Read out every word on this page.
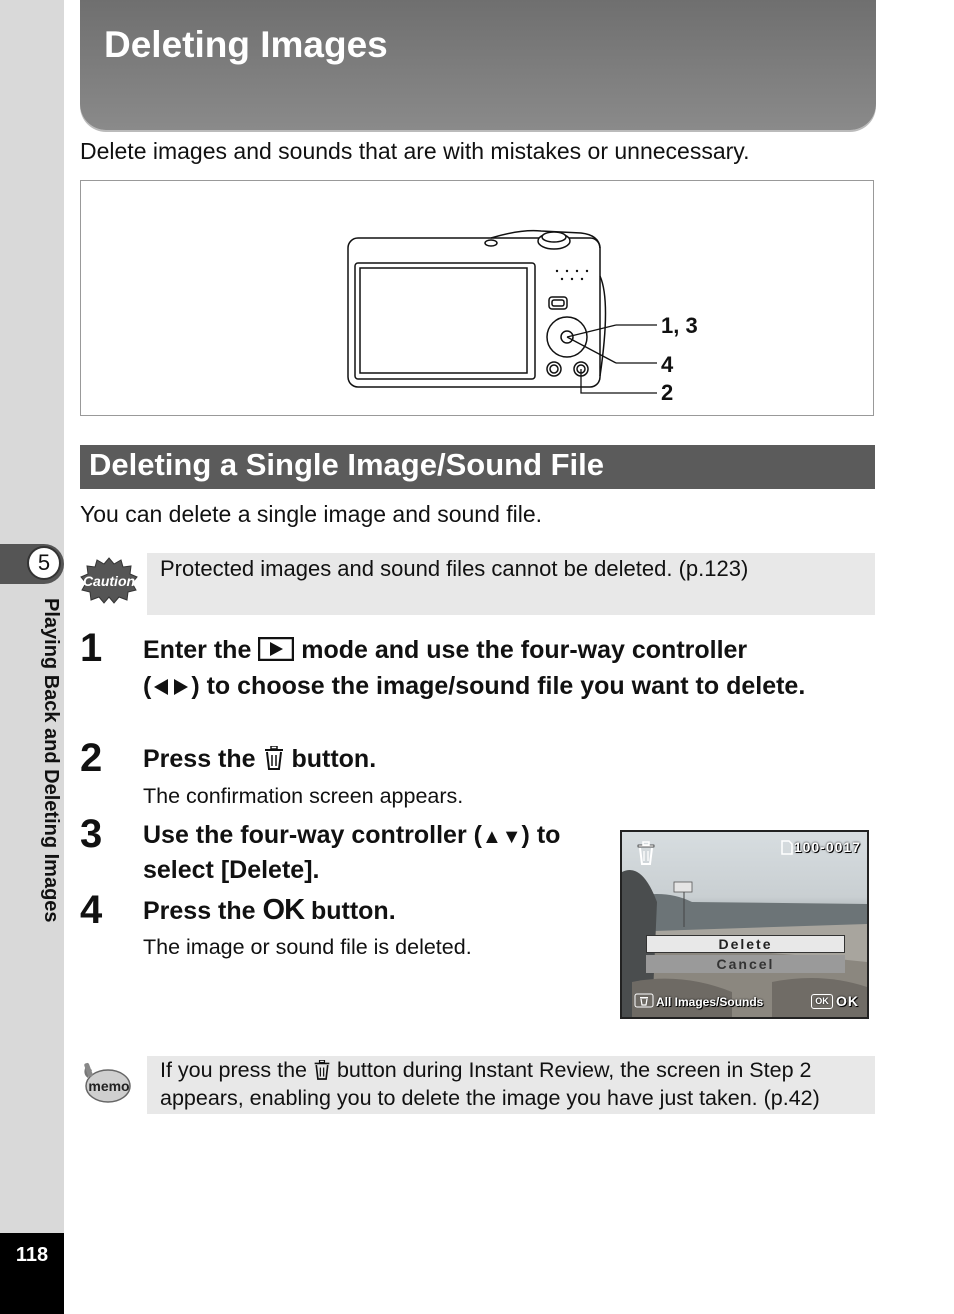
5
Playing Back and Deleting Images
118
Deleting Images
Delete images and sounds that are with mistakes or unnecessary.
1, 3
4
2
Deleting a Single Image/Sound File
You can delete a single image and sound file.
Caution Protected images and sound files cannot be deleted. (p.123)
1 Enter the mode and use the four-way controller
( ) to choose the image/sound file you want to delete.
2 Press the button.
The confirmation screen appears.
3 Use the four-way controller (▲▼) to select [Delete].
4 Press the OK button.
The image or sound file is deleted.
100-0017
Delete
Cancel
All Images/Sounds	OK OK
memo
If you press the button during Instant Review, the screen in Step 2 appears, enabling you to delete the image you have just taken. (p.42)
